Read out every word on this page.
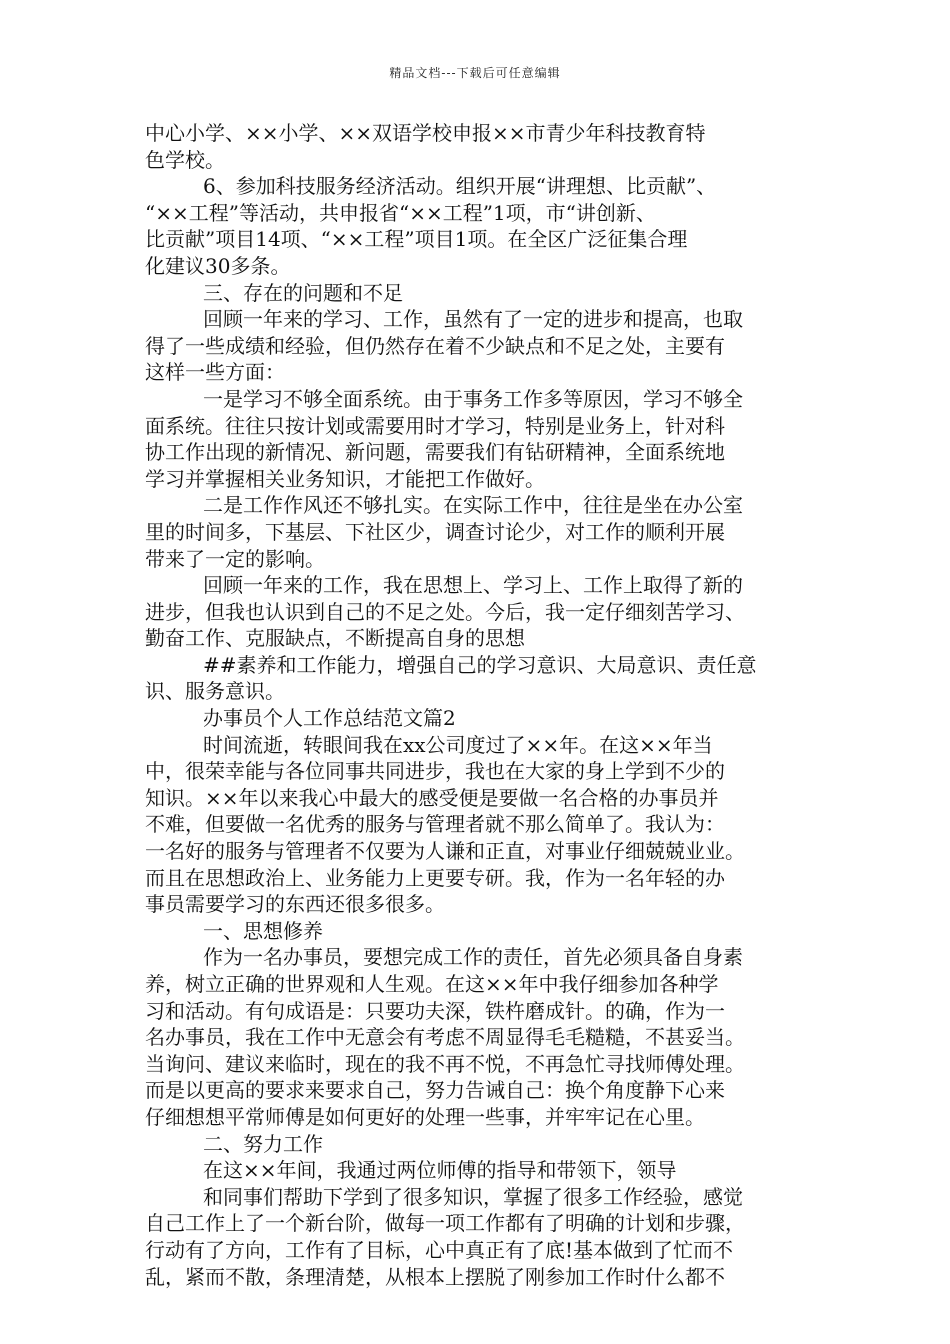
精品文档---下载后可任意编辑
中心小学、××小学、××双语学校申报××市青少年科技教育特
色学校。
6、参加科技服务经济活动。组织开展“讲理想、比贡献”、
“××工程”等活动，共申报省“××工程”1项，市“讲创新、
比贡献”项目14项、“××工程”项目1项。在全区广泛征集合理
化建议30多条。
三、存在的问题和不足
回顾一年来的学习、工作，虽然有了一定的进步和提高，也取
得了一些成绩和经验，但仍然存在着不少缺点和不足之处，主要有
这样一些方面：
一是学习不够全面系统。由于事务工作多等原因，学习不够全
面系统。往往只按计划或需要用时才学习，特别是业务上，针对科
协工作出现的新情况、新问题，需要我们有钻研精神，全面系统地
学习并掌握相关业务知识，才能把工作做好。
二是工作作风还不够扎实。在实际工作中，往往是坐在办公室
里的时间多，下基层、下社区少，调查讨论少，对工作的顺利开展
带来了一定的影响。
回顾一年来的工作，我在思想上、学习上、工作上取得了新的
进步，但我也认识到自己的不足之处。今后，我一定仔细刻苦学习、
勤奋工作、克服缺点，不断提高自身的思想
##素养和工作能力，增强自己的学习意识、大局意识、责任意
识、服务意识。
办事员个人工作总结范文篇2
时间流逝，转眼间我在xx公司度过了××年。在这××年当
中，很荣幸能与各位同事共同进步，我也在大家的身上学到不少的
知识。××年以来我心中最大的感受便是要做一名合格的办事员并
不难，但要做一名优秀的服务与管理者就不那么简单了。我认为：
一名好的服务与管理者不仅要为人谦和正直，对事业仔细兢兢业业。
而且在思想政治上、业务能力上更要专研。我，作为一名年轻的办
事员需要学习的东西还很多很多。
一、思想修养
作为一名办事员，要想完成工作的责任，首先必须具备自身素
养，树立正确的世界观和人生观。在这××年中我仔细参加各种学
习和活动。有句成语是：只要功夫深，铁杵磨成针。的确，作为一
名办事员，我在工作中无意会有考虑不周显得毛毛糙糙，不甚妥当。
当询问、建议来临时，现在的我不再不悦，不再急忙寻找师傅处理。
而是以更高的要求来要求自己，努力告诫自己：换个角度静下心来
仔细想想平常师傅是如何更好的处理一些事，并牢牢记在心里。
二、努力工作
在这××年间，我通过两位师傅的指导和带领下，领导
和同事们帮助下学到了很多知识，掌握了很多工作经验，感觉
自己工作上了一个新台阶，做每一项工作都有了明确的计划和步骤，
行动有了方向，工作有了目标，心中真正有了底!基本做到了忙而不
乱，紧而不散，条理清楚，从根本上摆脱了刚参加工作时什么都不
